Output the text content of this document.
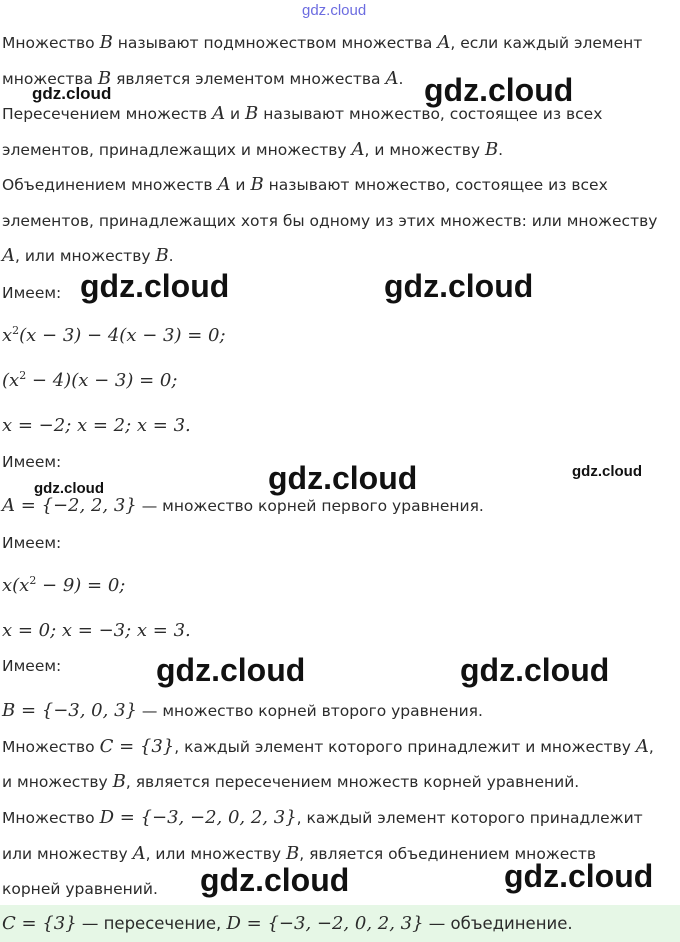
gdz.cloud
gdz.cloud	gdz.cloud
gdz.cloud	gdz.cloud
gdz.cloud	gdz.cloud
gdz.cloud
gdz.cloud	gdz.cloud
gdz.cloud	gdz.cloud
Множество B называют подмножеством множества A, если каждый элемент
множества B является элементом множества A.
Пересечением множеств A и B называют множество, состоящее из всех
элементов, принадлежащих и множеству A, и множеству B.
Объединением множеств A и B называют множество, состоящее из всех
элементов, принадлежащих хотя бы одному из этих множеств: или множеству
A, или множеству B.
Имеем:
$x^2(x - 3) - 4(x - 3) = 0$;
$(x^2 - 4)(x - 3) = 0$;
x = −2; x = 2; x = 3.
Имеем:
A = {−2, 2, 3} — множество корней первого уравнения.
Имеем:
$x(x^2 - 9) = 0$;
x = 0; x = −3; x = 3.
Имеем:
B = {−3, 0, 3} — множество корней второго уравнения.
Множество C = {3}, каждый элемент которого принадлежит и множеству A,
и множеству B, является пересечением множеств корней уравнений.
Множество D = {−3, −2, 0, 2, 3}, каждый элемент которого принадлежит
или множеству A, или множеству B, является объединением множеств
корней уравнений.
C = {3} — пересечение, D = {−3, −2, 0, 2, 3} — объединение.
